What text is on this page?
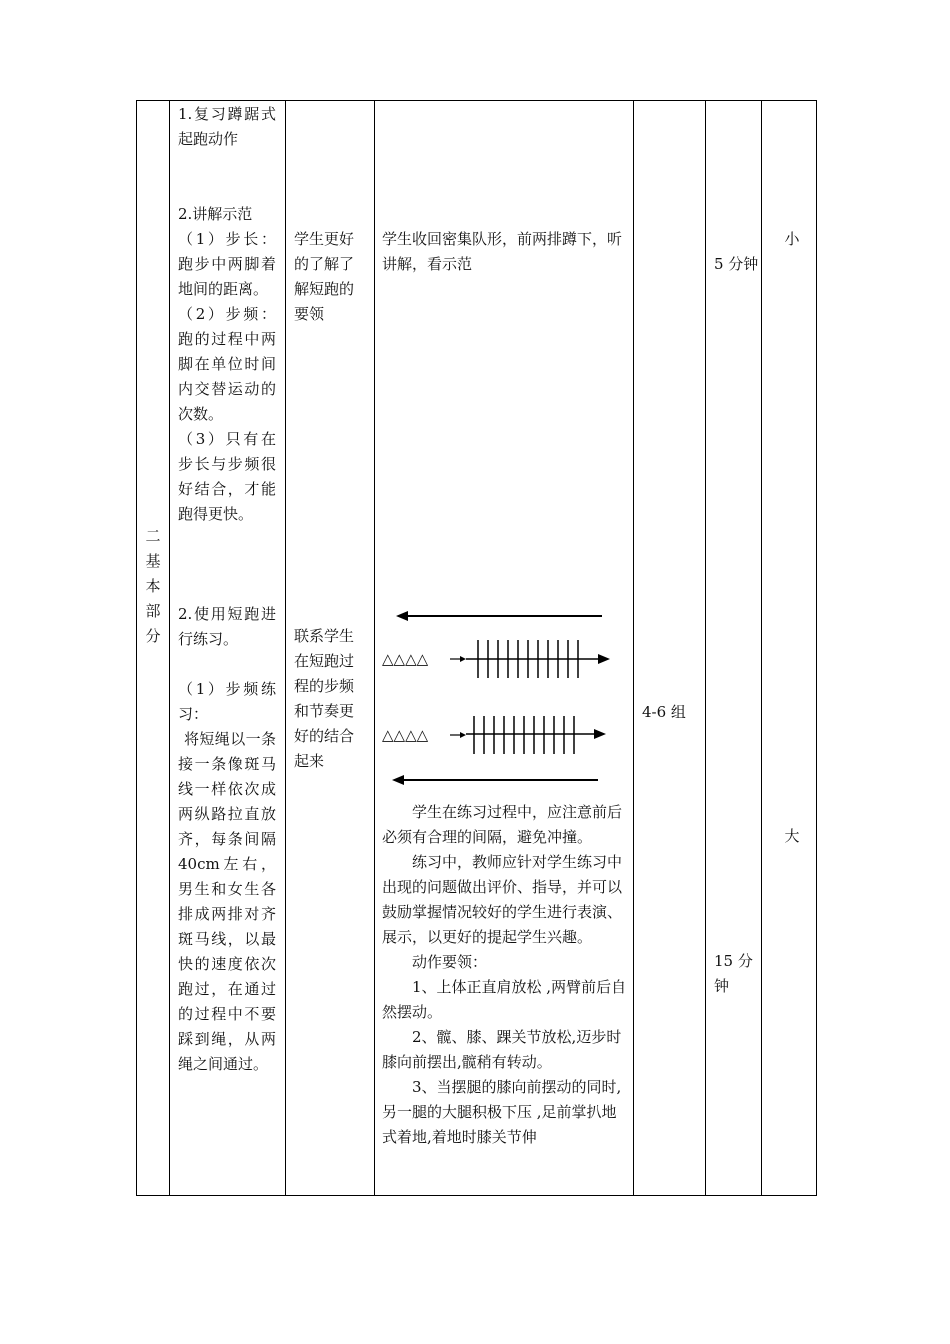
二
基
本
部
分

1.复习蹲踞式起跑动作

2.讲解示范

（1）步长：跑步中两脚着地间的距离。

（2）步频：跑的过程中两脚在单位时间内交替运动的次数。

（3）只有在步长与步频很好结合，才能跑得更快。

2.使用短跑进行练习。

（1）步频练习：

将短绳以一条接一条像斑马线一样依次成两纵路拉直放齐，每条间隔40cm左右，男生和女生各排成两排对齐斑马线，以最快的速度依次跑过，在通过的过程中不要踩到绳，从两绳之间通过。

学生更好的了解了解短跑的要领

联系学生在短跑过程的步频和节奏更好的结合起来

学生收回密集队形，前两排蹲下，听讲解，看示范

△△△△
△△△△

学生在练习过程中，应注意前后必须有合理的间隔，避免冲撞。

练习中，教师应针对学生练习中出现的问题做出评价、指导，并可以鼓励掌握情况较好的学生进行表演、展示，以更好的提起学生兴趣。

动作要领：

1、上体正直肩放松 ,两臂前后自然摆动。

2、髋、膝、踝关节放松,迈步时膝向前摆出,髋稍有转动。

3、当摆腿的膝向前摆动的同时,另一腿的大腿积极下压 ,足前掌扒地式着地,着地时膝关节伸

4-6 组
5 分钟
15 分钟
小
大
